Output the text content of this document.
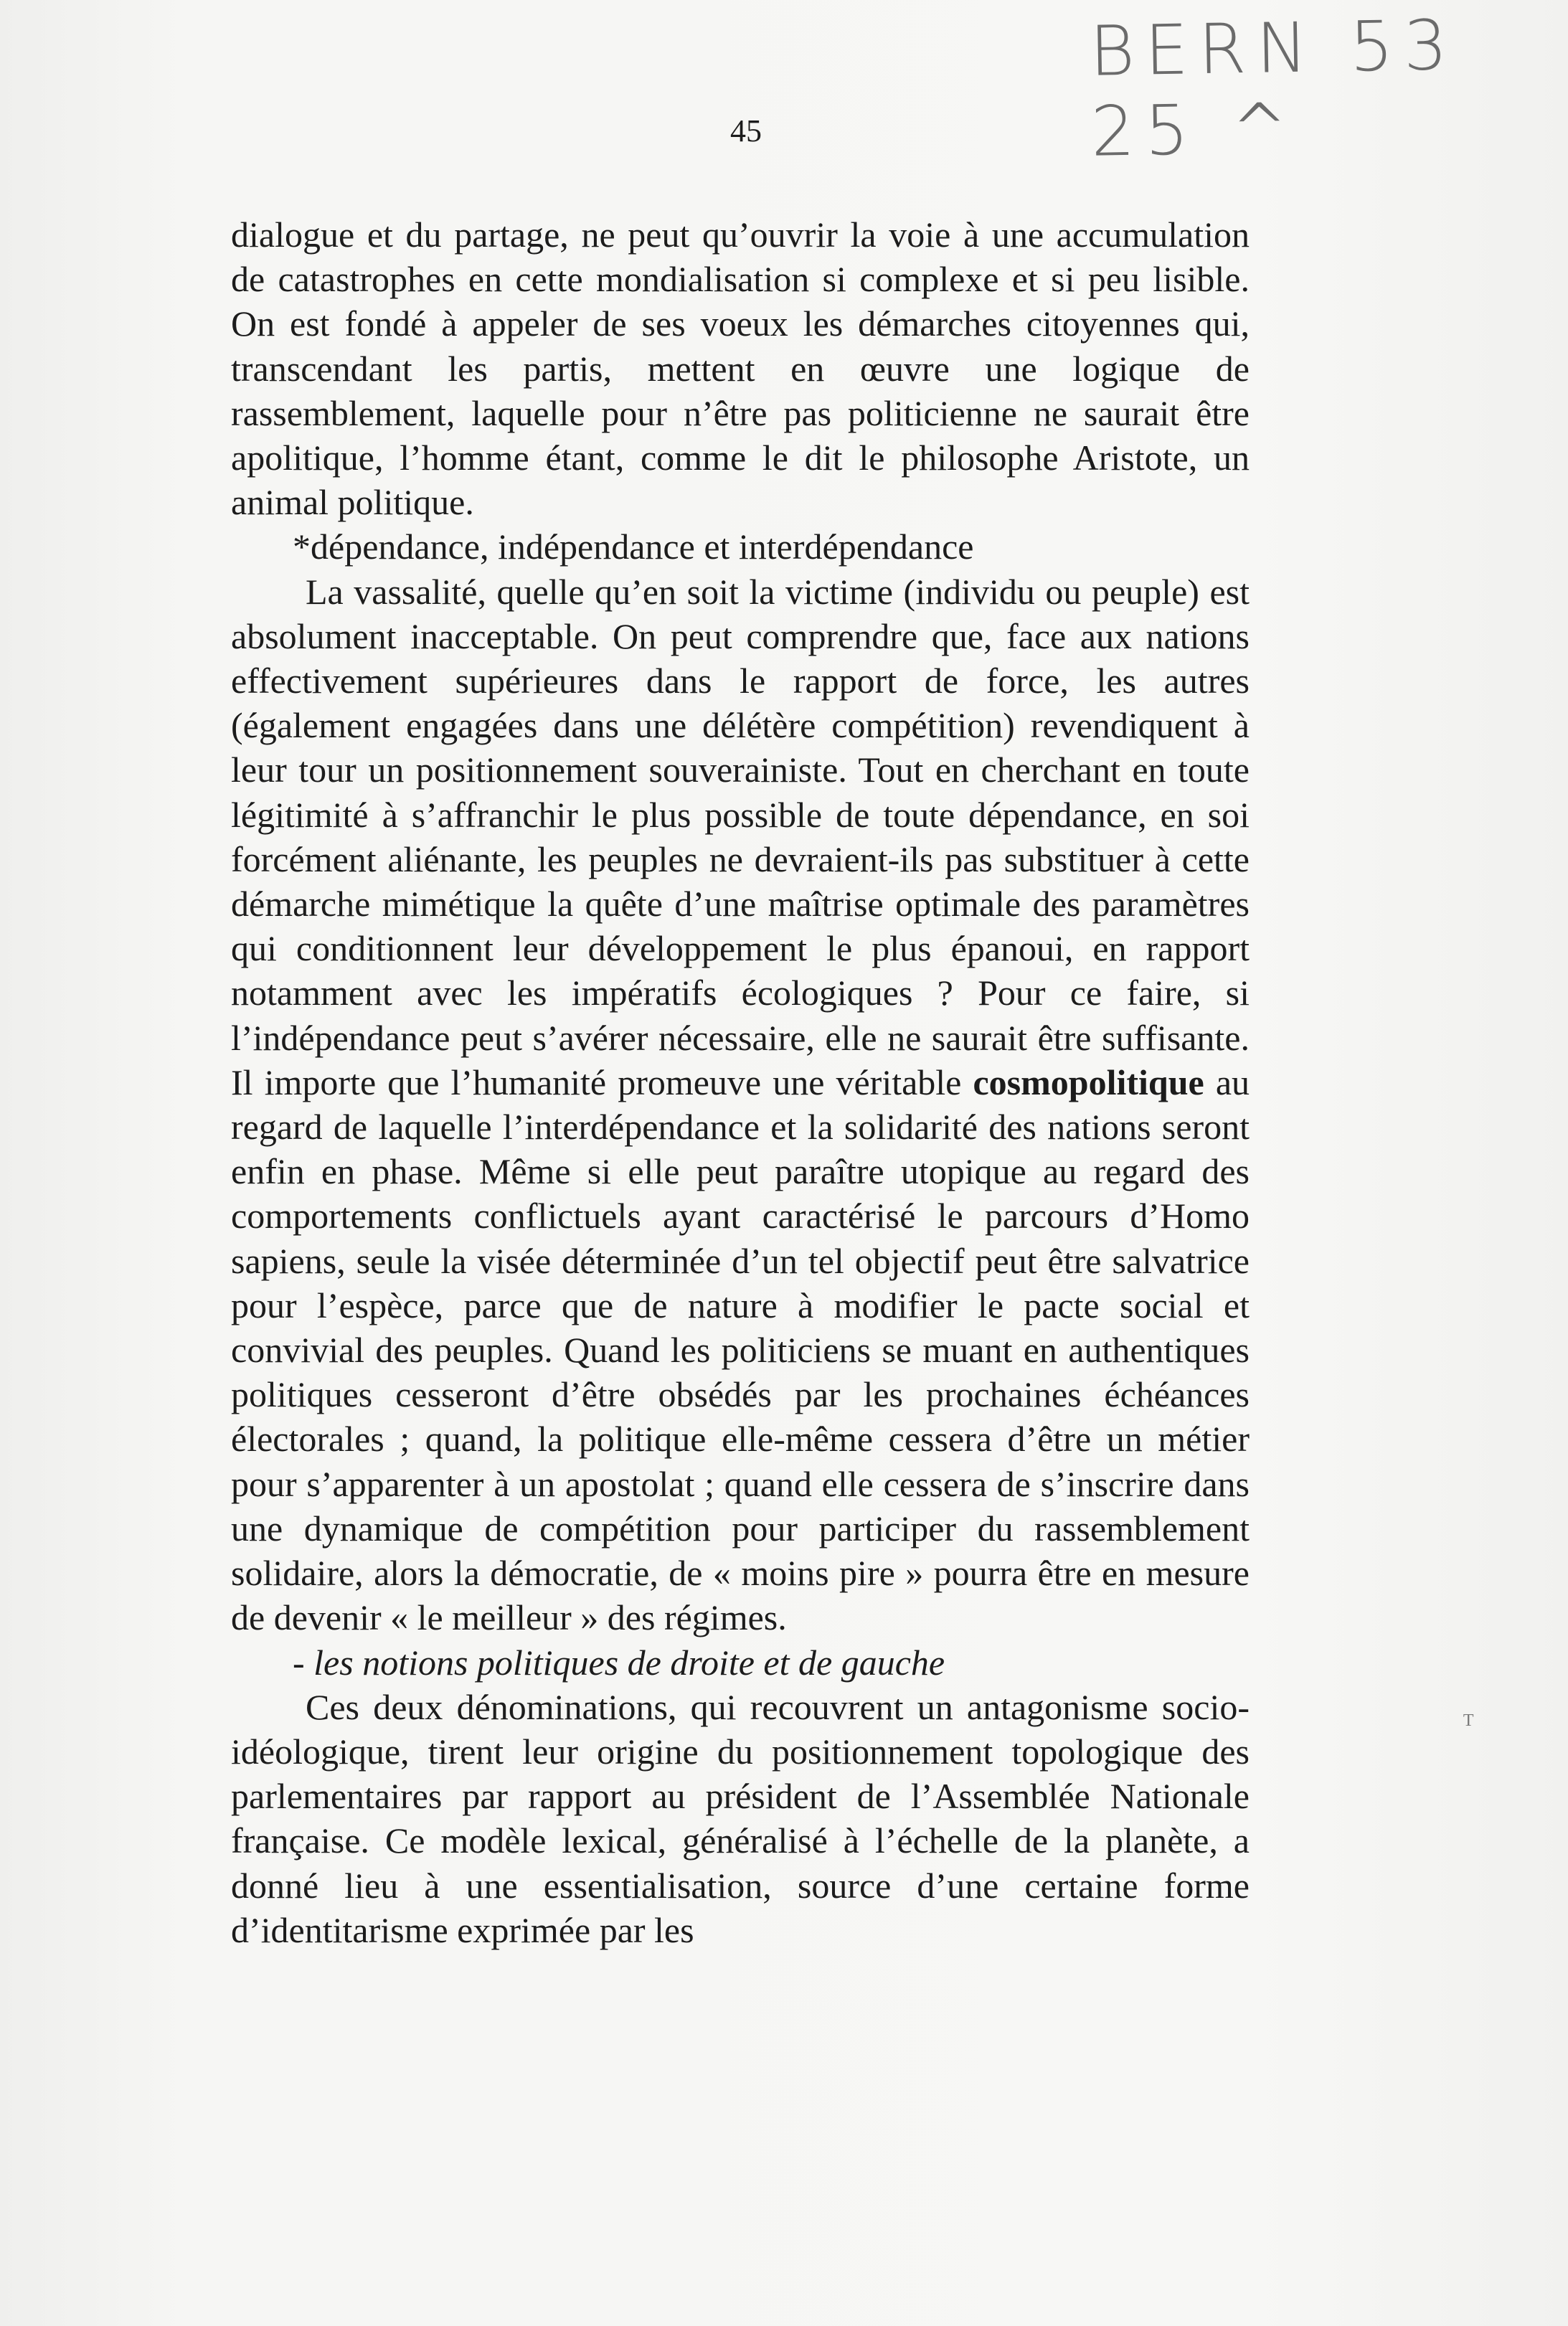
BERN 53 25 ^
45

dialogue et du partage, ne peut qu’ouvrir la voie à une accumulation de catastrophes en cette mondialisation si complexe et si peu lisible. On est fondé à appeler de ses voeux les démarches citoyennes qui, transcendant les partis, mettent en œuvre une logique de rassemblement, laquelle pour n’être pas politicienne ne saurait être apolitique, l’homme étant, comme le dit le philosophe Aristote, un animal politique.

*dépendance, indépendance et interdépendance

La vassalité, quelle qu’en soit la victime (individu ou peuple) est absolument inacceptable. On peut comprendre que, face aux nations effectivement supérieures dans le rapport de force, les autres (également engagées dans une délétère compétition) revendiquent à leur tour un positionnement souverainiste. Tout en cherchant en toute légitimité à s’affranchir le plus possible de toute dépendance, en soi forcément aliénante, les peuples ne devraient-ils pas substituer à cette démarche mimétique la quête d’une maîtrise optimale des paramètres qui conditionnent leur développement le plus épanoui, en rapport notamment avec les impératifs écologiques ? Pour ce faire, si l’indépendance peut s’avérer nécessaire, elle ne saurait être suffisante. Il importe que l’humanité promeuve une véritable cosmopolitique au regard de laquelle l’interdépendance et la solidarité des nations seront enfin en phase. Même si elle peut paraître utopique au regard des comportements conflictuels ayant caractérisé le parcours d’Homo sapiens, seule la visée déterminée d’un tel objectif peut être salvatrice pour l’espèce, parce que de nature à modifier le pacte social et convivial des peuples. Quand les politiciens se muant en authentiques politiques cesseront d’être obsédés par les prochaines échéances électorales ; quand, la politique elle-même cessera d’être un métier pour s’apparenter à un apostolat ; quand elle cessera de s’inscrire dans une dynamique de compétition pour participer du rassemblement solidaire, alors la démocratie, de « moins pire » pourra être en mesure de devenir « le meilleur » des régimes.

- les notions politiques de droite et de gauche

Ces deux dénominations, qui recouvrent un antagonisme socio-idéologique, tirent leur origine du positionnement topologique des parlementaires par rapport au président de l’Assemblée Nationale française. Ce modèle lexical, généralisé à l’échelle de la planète, a donné lieu à une essentialisation, source d’une certaine forme d’identitarisme exprimée par les

ᵀ
